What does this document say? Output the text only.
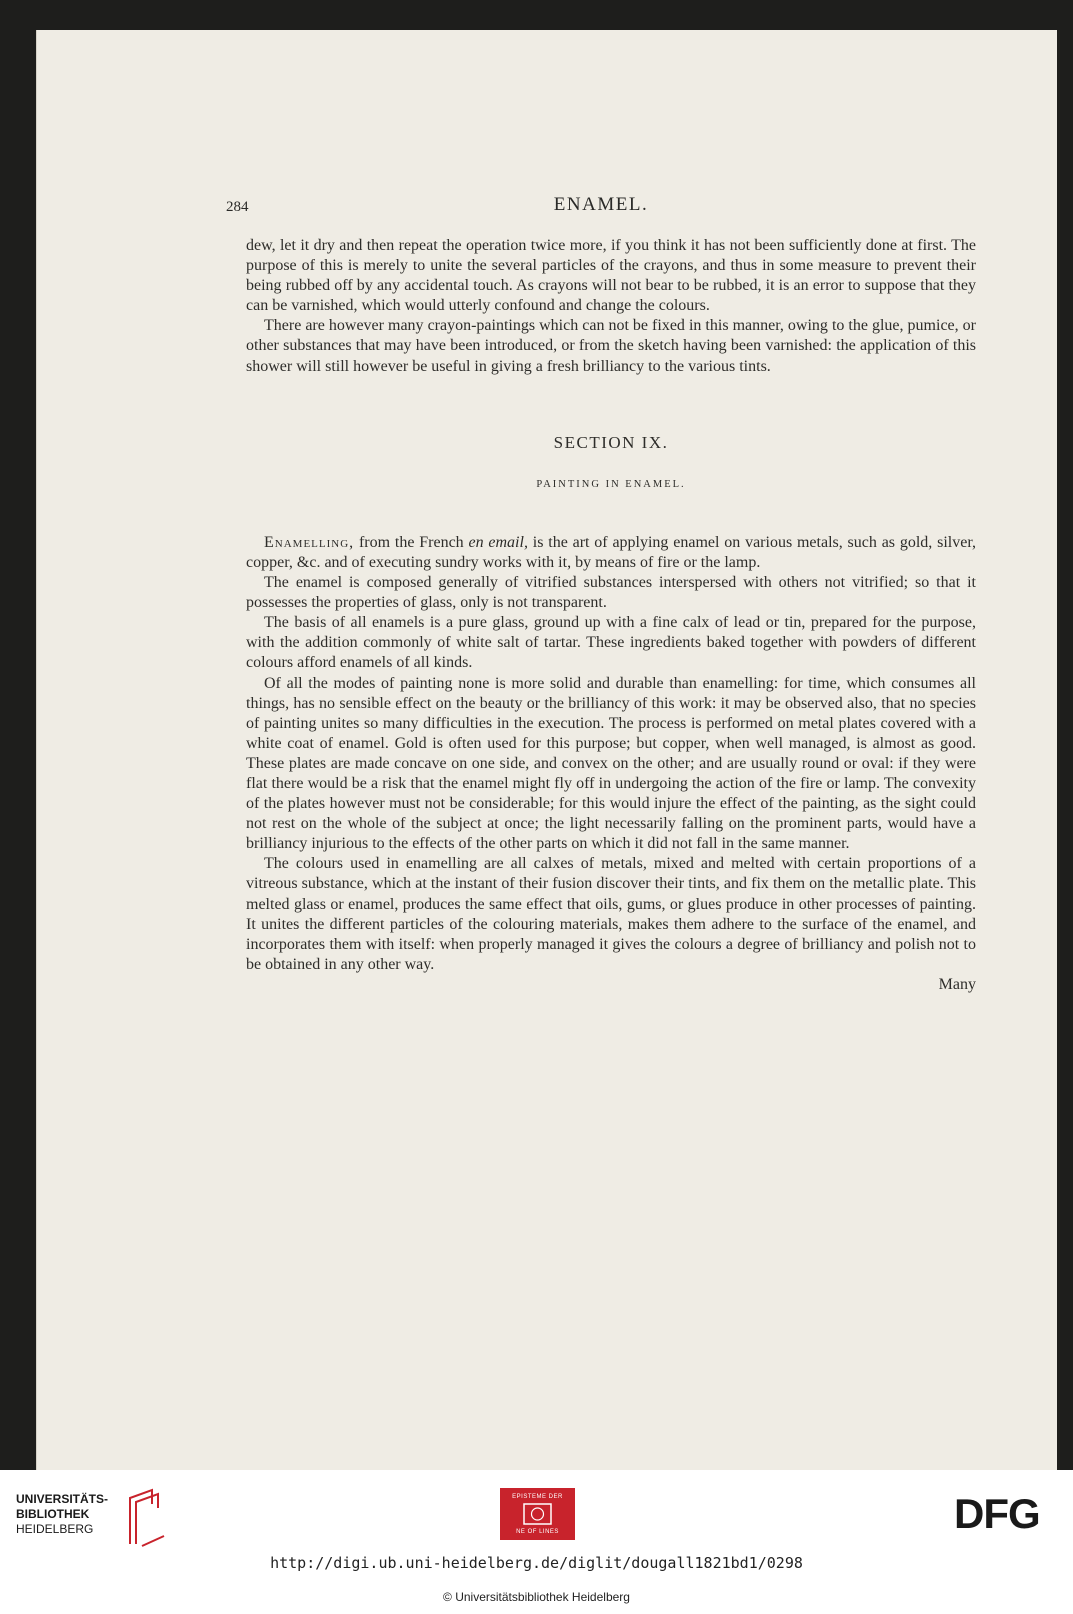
284	ENAMEL.

dew, let it dry and then repeat the operation twice more, if you think it has not been sufficiently done at first. The purpose of this is merely to unite the several particles of the crayons, and thus in some measure to prevent their being rubbed off by any accidental touch. As crayons will not bear to be rubbed, it is an error to suppose that they can be varnished, which would utterly confound and change the colours.

There are however many crayon-paintings which can not be fixed in this manner, owing to the glue, pumice, or other substances that may have been introduced, or from the sketch having been varnished: the application of this shower will still however be useful in giving a fresh brilliancy to the various tints.

SECTION IX.

PAINTING IN ENAMEL.

Enamelling, from the French en email, is the art of applying enamel on various metals, such as gold, silver, copper, &c. and of executing sundry works with it, by means of fire or the lamp.

The enamel is composed generally of vitrified substances interspersed with others not vitrified; so that it possesses the properties of glass, only is not transparent.

The basis of all enamels is a pure glass, ground up with a fine calx of lead or tin, prepared for the purpose, with the addition commonly of white salt of tartar. These ingredients baked together with powders of different colours afford enamels of all kinds.

Of all the modes of painting none is more solid and durable than enamelling: for time, which consumes all things, has no sensible effect on the beauty or the brilliancy of this work: it may be observed also, that no species of painting unites so many difficulties in the execution. The process is performed on metal plates covered with a white coat of enamel. Gold is often used for this purpose; but copper, when well managed, is almost as good. These plates are made concave on one side, and convex on the other; and are usually round or oval: if they were flat there would be a risk that the enamel might fly off in undergoing the action of the fire or lamp. The convexity of the plates however must not be considerable; for this would injure the effect of the painting, as the sight could not rest on the whole of the subject at once; the light necessarily falling on the prominent parts, would have a brilliancy injurious to the effects of the other parts on which it did not fall in the same manner.

The colours used in enamelling are all calxes of metals, mixed and melted with certain proportions of a vitreous substance, which at the instant of their fusion discover their tints, and fix them on the metallic plate. This melted glass or enamel, produces the same effect that oils, gums, or glues produce in other processes of painting. It unites the different particles of the colouring materials, makes them adhere to the surface of the enamel, and incorporates them with itself: when properly managed it gives the colours a degree of brilliancy and polish not to be obtained in any other way.

Many

UNIVERSITÄTS-
BIBLIOTHEK
HEIDELBERG
EPISTEME DER
NE OF LINES	DFG
http://digi.ub.uni-heidelberg.de/diglit/dougall1821bd1/0298
© Universitätsbibliothek Heidelberg
